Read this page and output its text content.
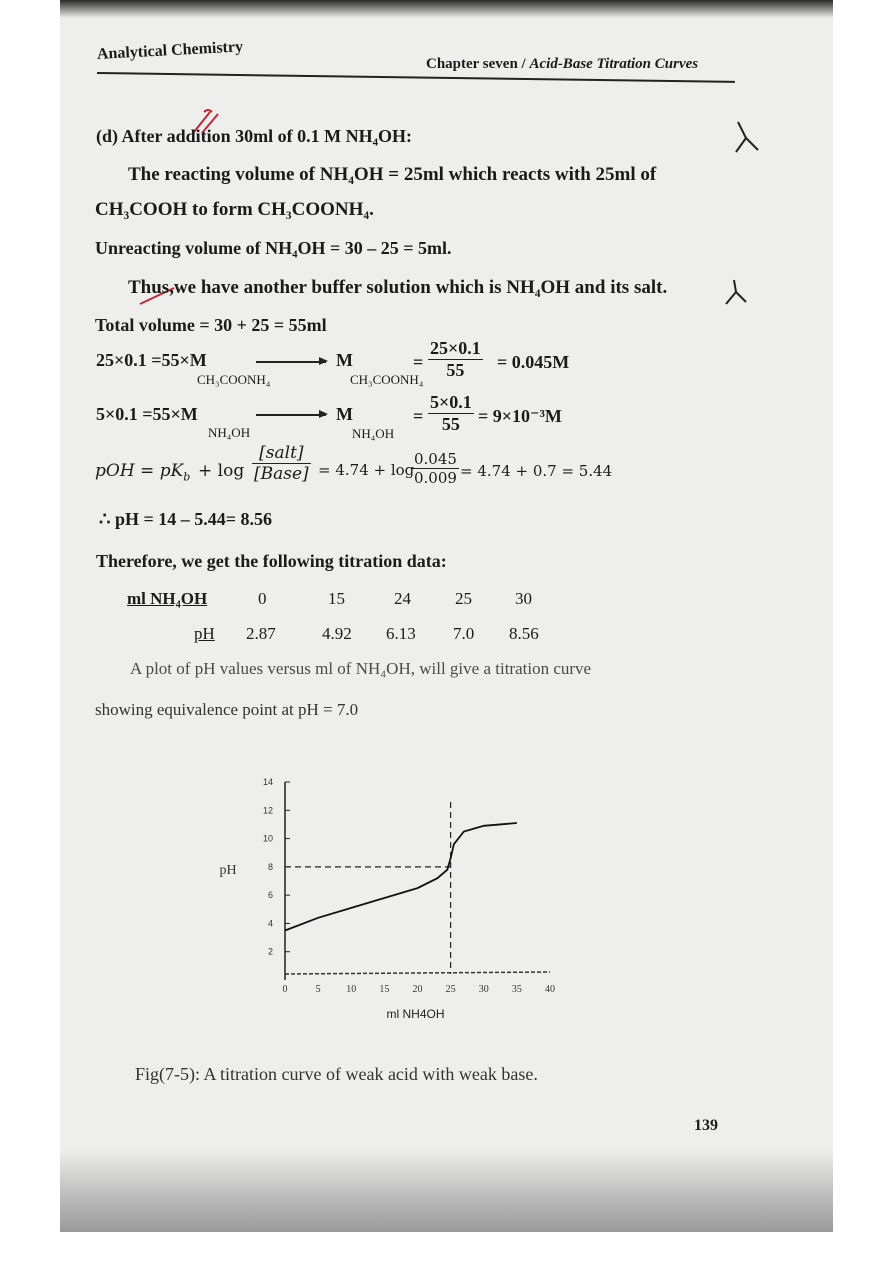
Analytical Chemistry
Chapter seven / Acid-Base Titration Curves
(d) After addition 30ml of 0.1 M NH₄OH:
The reacting volume of NH₄OH = 25ml which reacts with 25ml of
CH₃COOH to form CH₃COONH₄.
Unreacting volume of NH₄OH = 30 – 25 = 5ml.
Thus,we have another buffer solution which is NH₄OH and its salt.
Total volume = 30 + 25 = 55ml
25×0.1 =55×M
CH₃COONH₄
M
CH₃COONH₄
= $\frac{25\times 0.1}{55} = 0.045M$
5×0.1 =55×M
NH₄OH
M
NH₄OH
= $\frac{5\times 0.1}{55} = 9\times 10^{-3}M$
pOH = $pK_b + \log$
[salt]
[Base] = 4.74 + log
$\frac{0.045}{0.009} = 4.74 + 0.7 = 5.44$
∴ pH = 14 – 5.44= 8.56
Therefore, we get the following titration data:
ml NH₄OH	0	15	24	25	30
pH 2.87	4.92 6.13 7.0 8.56
A plot of pH values versus ml of NH₄OH, will give a titration curve
showing equivalence point at pH = 7.0
2
4
6
8
10
12
14
0	5	10 15 20 25 30 35 40
ml NH4OH
pH
Fig(7-5): A titration curve of weak acid with weak base.
139
